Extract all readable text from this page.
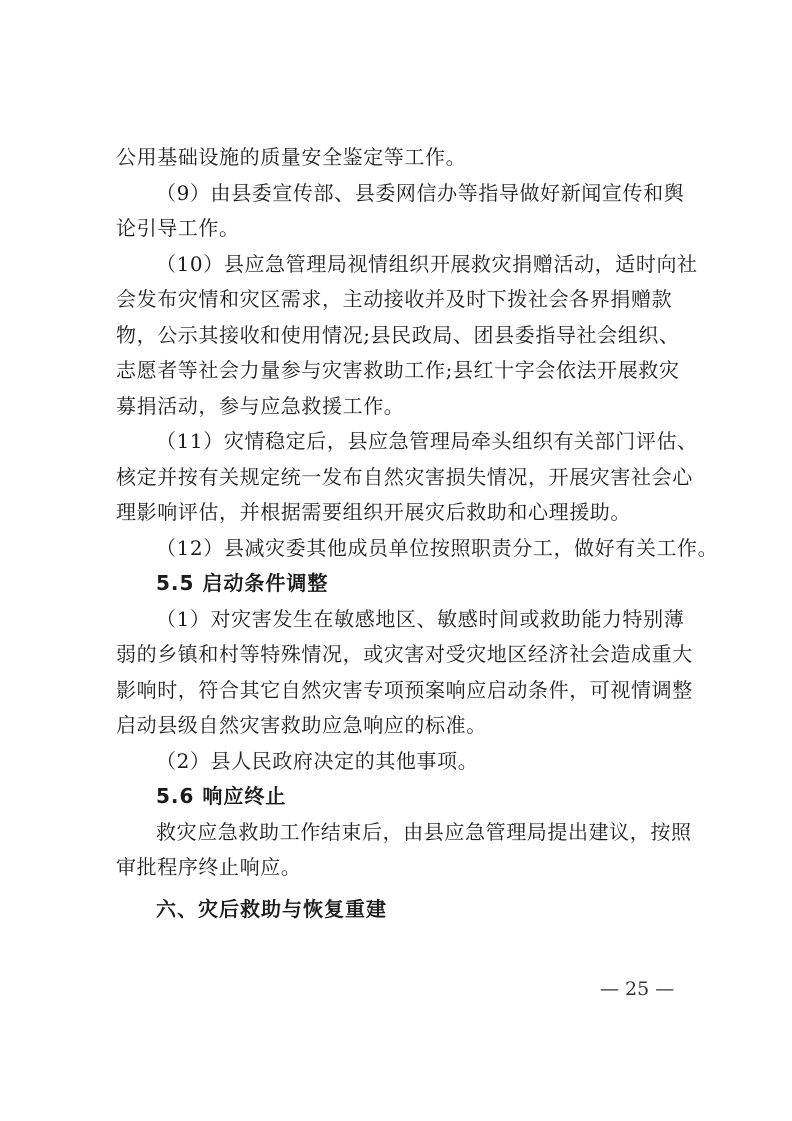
公用基础设施的质量安全鉴定等工作。
（9）由县委宣传部、县委网信办等指导做好新闻宣传和舆
论引导工作。
（10）县应急管理局视情组织开展救灾捐赠活动，适时向社
会发布灾情和灾区需求，主动接收并及时下拨社会各界捐赠款
物，公示其接收和使用情况;县民政局、团县委指导社会组织、
志愿者等社会力量参与灾害救助工作;县红十字会依法开展救灾
募捐活动，参与应急救援工作。
（11）灾情稳定后，县应急管理局牵头组织有关部门评估、
核定并按有关规定统一发布自然灾害损失情况，开展灾害社会心
理影响评估，并根据需要组织开展灾后救助和心理援助。
（12）县减灾委其他成员单位按照职责分工，做好有关工作。
5.5 启动条件调整
（1）对灾害发生在敏感地区、敏感时间或救助能力特别薄
弱的乡镇和村等特殊情况，或灾害对受灾地区经济社会造成重大
影响时，符合其它自然灾害专项预案响应启动条件，可视情调整
启动县级自然灾害救助应急响应的标准。
（2）县人民政府决定的其他事项。
5.6 响应终止
救灾应急救助工作结束后，由县应急管理局提出建议，按照
审批程序终止响应。
六、灾后救助与恢复重建
— 25 —
